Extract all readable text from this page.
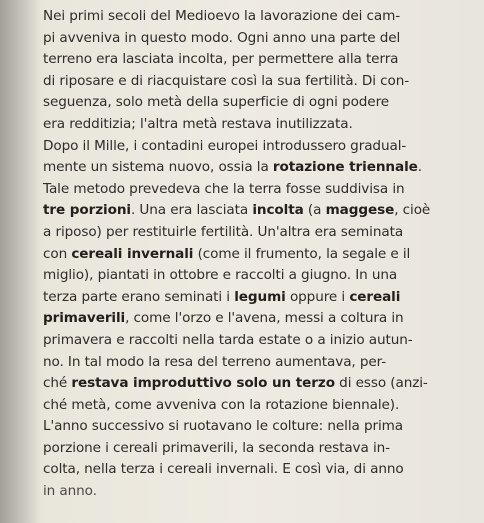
Nei primi secoli del Medioevo la lavorazione dei cam-
pi avveniva in questo modo. Ogni anno una parte del
terreno era lasciata incolta, per permettere alla terra
di riposare e di riacquistare così la sua fertilità. Di con-
seguenza, solo metà della superficie di ogni podere
era redditizia; l'altra metà restava inutilizzata.
Dopo il Mille, i contadini europei introdussero gradual-
mente un sistema nuovo, ossia la rotazione triennale.
Tale metodo prevedeva che la terra fosse suddivisa in
tre porzioni. Una era lasciata incolta (a maggese, cioè
a riposo) per restituirle fertilità. Un'altra era seminata
con cereali invernali (come il frumento, la segale e il
miglio), piantati in ottobre e raccolti a giugno. In una
terza parte erano seminati i legumi oppure i cereali
primaverili, come l'orzo e l'avena, messi a coltura in
primavera e raccolti nella tarda estate o a inizio autun-
no. In tal modo la resa del terreno aumentava, per-
ché restava improduttivo solo un terzo di esso (anzi-
ché metà, come avveniva con la rotazione biennale).
L'anno successivo si ruotavano le colture: nella prima
porzione i cereali primaverili, la seconda restava in-
colta, nella terza i cereali invernali. E così via, di anno
in anno.
